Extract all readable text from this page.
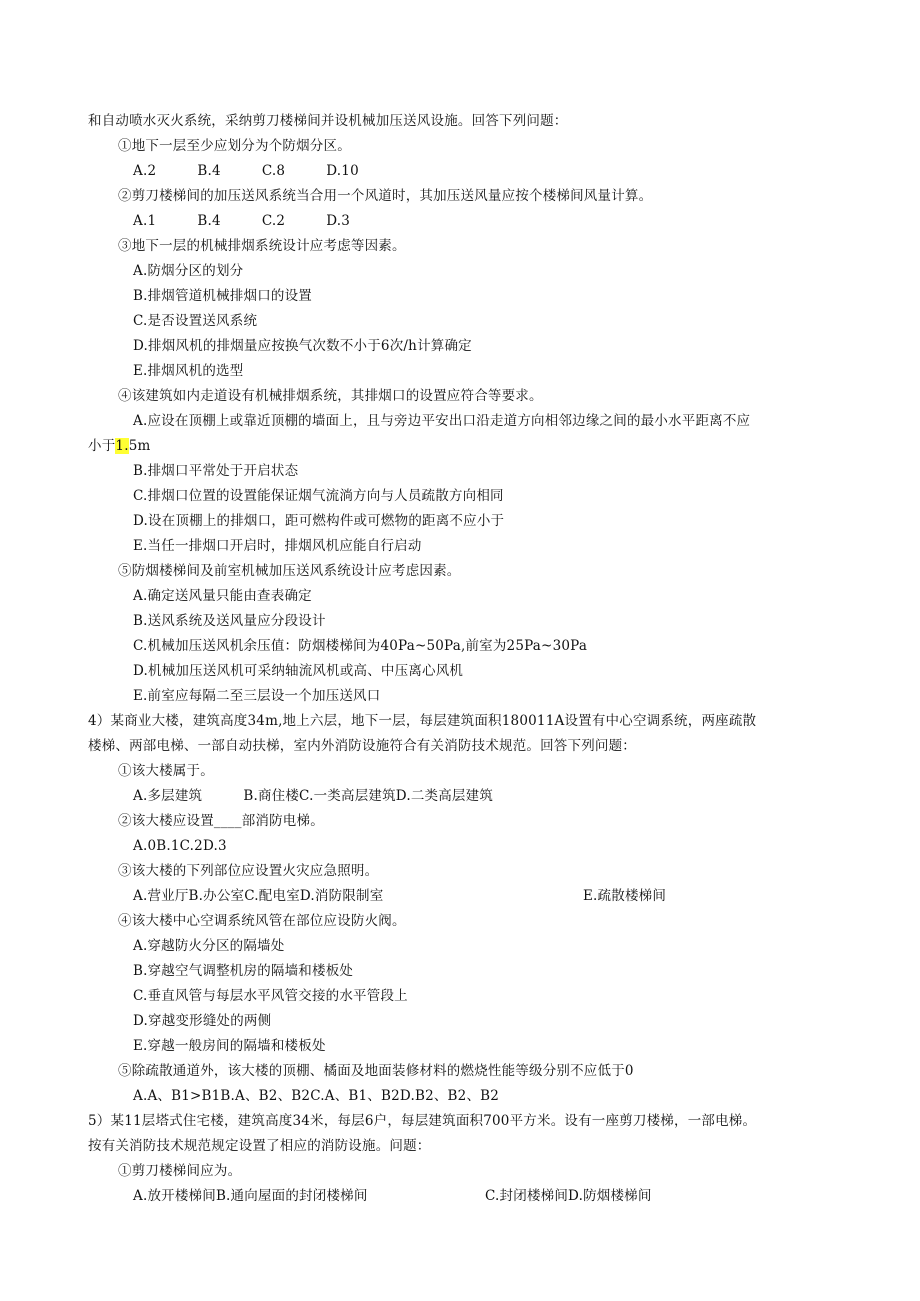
和自动喷水灭火系统，采纳剪刀楼梯间并设机械加压送风设施。回答下列问题：
①地下一层至少应划分为个防烟分区。
A.2　　　B.4　　　C.8　　　D.10
②剪刀楼梯间的加压送风系统当合用一个风道时，其加压送风量应按个楼梯间风量计算。
A.1　　　B.4　　　C.2　　　D.3
③地下一层的机械排烟系统设计应考虑等因素。
A.防烟分区的划分
B.排烟管道机械排烟口的设置
C.是否设置送风系统
D.排烟风机的排烟量应按换气次数不小于6次/h计算确定
E.排烟风机的选型
④该建筑如内走道设有机械排烟系统，其排烟口的设置应符合等要求。
A.应设在顶棚上或靠近顶棚的墙面上，且与旁边平安出口沿走道方向相邻边缘之间的最小水平距离不应
小于1.5m
B.排烟口平常处于开启状态
C.排烟口位置的设置能保证烟气流淌方向与人员疏散方向相同
D.设在顶棚上的排烟口，距可燃构件或可燃物的距离不应小于
E.当任一排烟口开启时，排烟风机应能自行启动
⑤防烟楼梯间及前室机械加压送风系统设计应考虑因素。
A.确定送风量只能由查表确定
B.送风系统及送风量应分段设计
C.机械加压送风机余压值：防烟楼梯间为40Pa~50Pa,前室为25Pa~30Pa
D.机械加压送风机可采纳轴流风机或高、中压离心风机
E.前室应每隔二至三层设一个加压送风口
4）某商业大楼，建筑高度34m,地上六层，地下一层，每层建筑面积180011A设置有中心空调系统，两座疏散
楼梯、两部电梯、一部自动扶梯，室内外消防设施符合有关消防技术规范。回答下列问题：
①该大楼属于。
A.多层建筑　　　B.商住楼C.一类高层建筑D.二类高层建筑
②该大楼应设置____部消防电梯。
A.0B.1C.2D.3
③该大楼的下列部位应设置火灾应急照明。
A.营业厅B.办公室C.配电室D.消防限制室	E.疏散楼梯间
④该大楼中心空调系统风管在部位应设防火阀。
A.穿越防火分区的隔墙处
B.穿越空气调整机房的隔墙和楼板处
C.垂直风管与每层水平风管交接的水平管段上
D.穿越变形缝处的两侧
E.穿越一般房间的隔墙和楼板处
⑤除疏散通道外，该大楼的顶棚、橘面及地面装修材料的燃烧性能等级分别不应低于0
A.A、B1>B1B.A、B2、B2C.A、B1、B2D.B2、B2、B2
5）某11层塔式住宅楼，建筑高度34米，每层6户，每层建筑面积700平方米。设有一座剪刀楼梯，一部电梯。
按有关消防技术规范规定设置了相应的消防设施。问题：
①剪刀楼梯间应为。
A.放开楼梯间B.通向屋面的封闭楼梯间	C.封闭楼梯间D.防烟楼梯间
